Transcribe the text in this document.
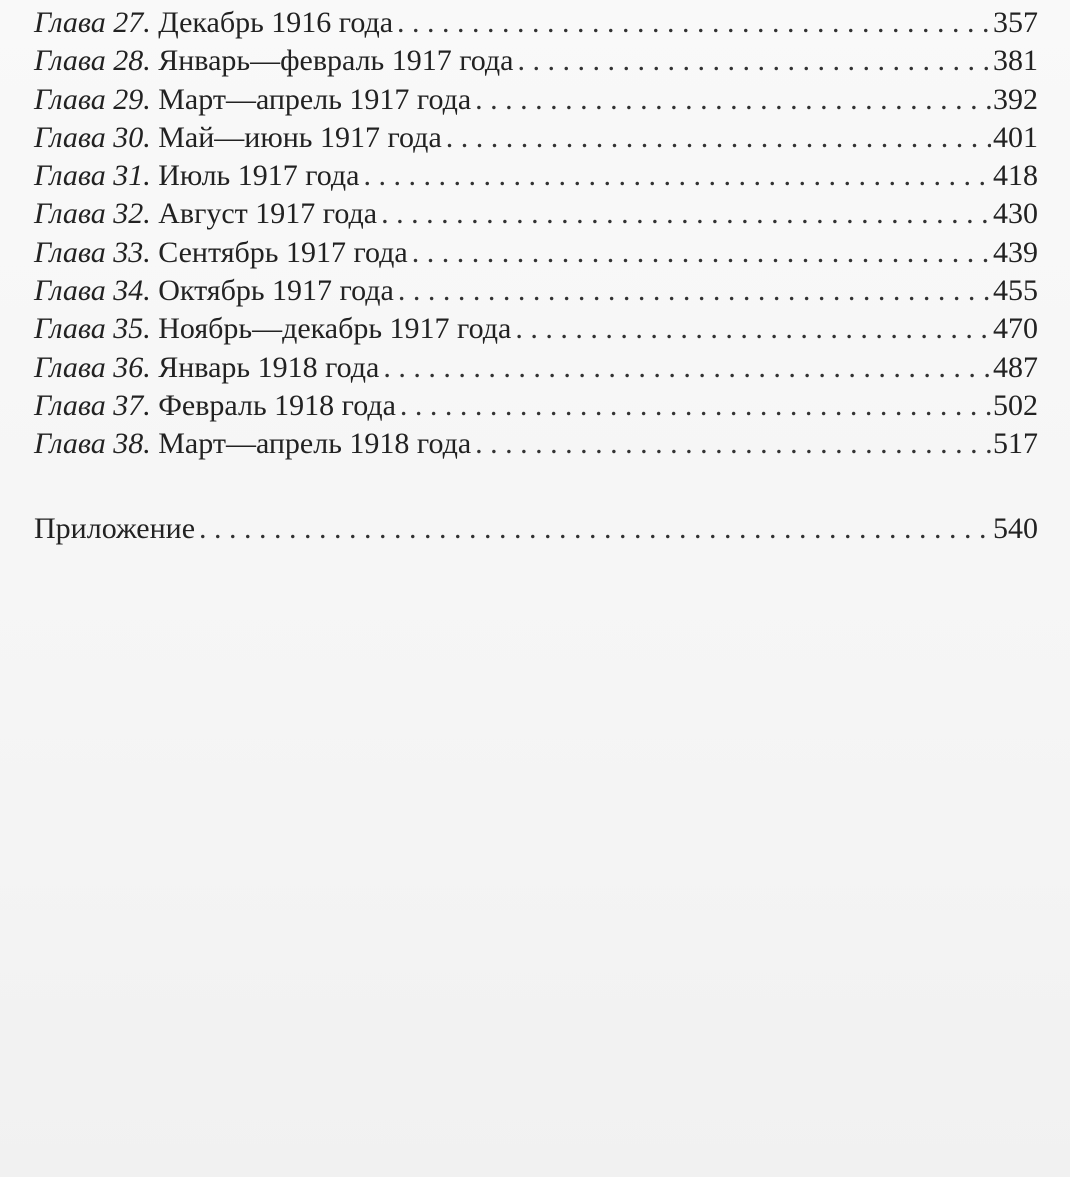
Глава 27. Декабрь 1916 года . . .	357
Глава 28. Январь—февраль 1917 года . . .	381
Глава 29. Март—апрель 1917 года . . .	392
Глава 30. Май—июнь 1917 года . . .	401
Глава 31. Июль 1917 года . . .	418
Глава 32. Август 1917 года . . .	430
Глава 33. Сентябрь 1917 года . . .	439
Глава 34. Октябрь 1917 года . . .	455
Глава 35. Ноябрь—декабрь 1917 года . . .	470
Глава 36. Январь 1918 года . . .	487
Глава 37. Февраль 1918 года . . .	502
Глава 38. Март—апрель 1918 года . . .	517
Приложение . . .	540
